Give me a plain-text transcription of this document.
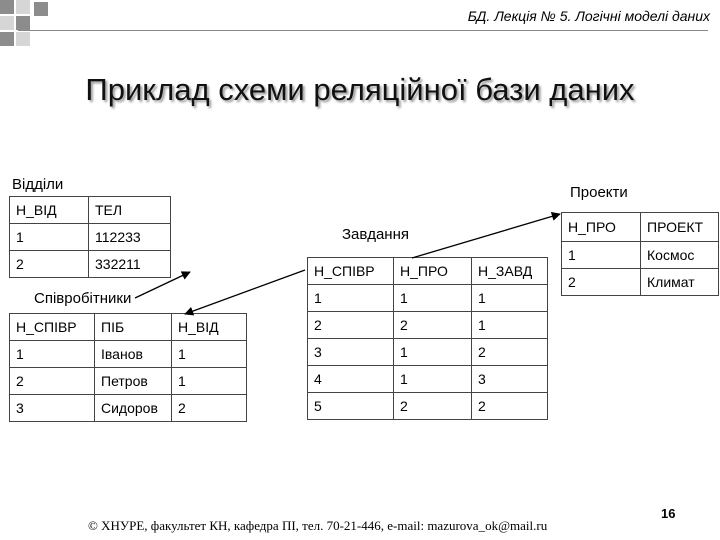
БД. Лекція № 5. Логічні моделі даних
Приклад схеми реляційної бази даних
Відділи
Н_ВІД	ТЕЛ
1	112233
2	332211
Співробітники
Н_СПІВР	ПІБ	Н_ВІД
1	Іванов	1
2	Петров	1
3	Сидоров	2
Завдання
Н_СПІВР	Н_ПРО	Н_ЗАВД
1	1	1
2	2	1
3	1	2
4	1	3
5	2	2
Проекти
Н_ПРО	ПРОЕКТ
1	Космос
2	Климат
© ХНУРЕ, факультет КН, кафедра ПІ, тел. 70-21-446, e-mail: mazurova_ok@mail.ru
16
